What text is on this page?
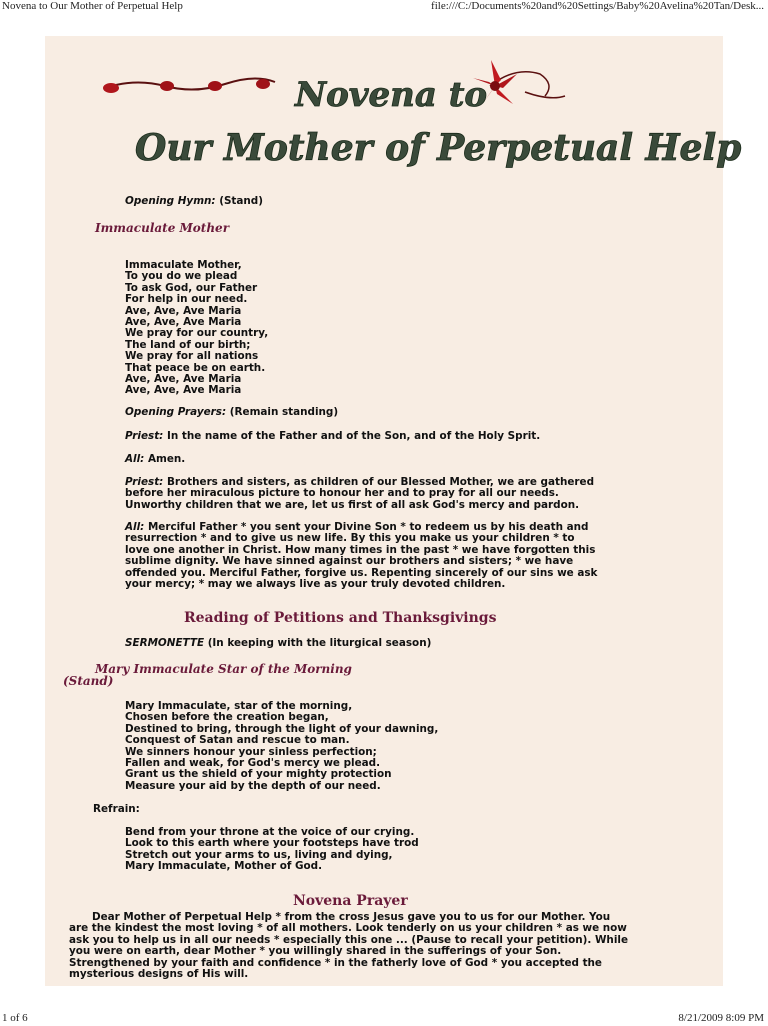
Novena to Our Mother of Perpetual Help	file:///C:/Documents%20and%20Settings/Baby%20Avelina%20Tan/Desk...
Novena to
Our Mother of Perpetual Help
Opening Hymn: (Stand)
Immaculate Mother
Immaculate Mother,
To you do we plead
To ask God, our Father
For help in our need.
Ave, Ave, Ave Maria
Ave, Ave, Ave Maria
We pray for our country,
The land of our birth;
We pray for all nations
That peace be on earth.
Ave, Ave, Ave Maria
Ave, Ave, Ave Maria
Opening Prayers: (Remain standing)
Priest: In the name of the Father and of the Son, and of the Holy Sprit.
All: Amen.
Priest: Brothers and sisters, as children of our Blessed Mother, we are gathered
before her miraculous picture to honour her and to pray for all our needs.
Unworthy children that we are, let us first of all ask God's mercy and pardon.
All: Merciful Father * you sent your Divine Son * to redeem us by his death and
resurrection * and to give us new life. By this you make us your children * to
love one another in Christ. How many times in the past * we have forgotten this
sublime dignity. We have sinned against our brothers and sisters; * we have
offended you. Merciful Father, forgive us. Repenting sincerely of our sins we ask
your mercy; * may we always live as your truly devoted children.
Reading of Petitions and Thanksgivings
SERMONETTE (In keeping with the liturgical season)
Mary Immaculate Star of the Morning
(Stand)
Mary Immaculate, star of the morning,
Chosen before the creation began,
Destined to bring, through the light of your dawning,
Conquest of Satan and rescue to man.
We sinners honour your sinless perfection;
Fallen and weak, for God's mercy we plead.
Grant us the shield of your mighty protection
Measure your aid by the depth of our need.
Refrain:
Bend from your throne at the voice of our crying.
Look to this earth where your footsteps have trod
Stretch out your arms to us, living and dying,
Mary Immaculate, Mother of God.
Novena Prayer
Dear Mother of Perpetual Help * from the cross Jesus gave you to us for our Mother. You
are the kindest the most loving * of all mothers. Look tenderly on us your children * as we now
ask you to help us in all our needs * especially this one ... (Pause to recall your petition). While
you were on earth, dear Mother * you willingly shared in the sufferings of your Son.
Strengthened by your faith and confidence * in the fatherly love of God * you accepted the
mysterious designs of His will.
1 of 6	8/21/2009 8:09 PM
